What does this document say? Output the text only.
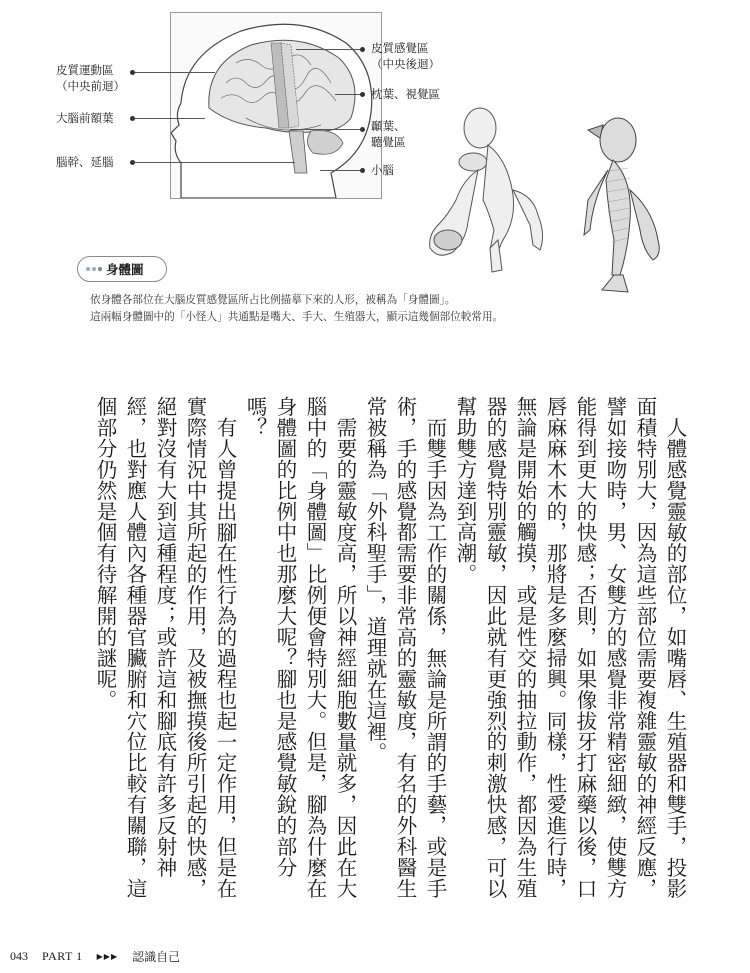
皮質運動區
（中央前迴）
大腦前額葉
腦幹、延腦
皮質感覺區
（中央後迴）
枕葉、視覺區
顳葉、
聽覺區
小腦
身體圖
依身體各部位在大腦皮質感覺區所占比例描摹下來的人形，被稱為「身體圖」。
這兩幅身體圖中的「小怪人」共通點是嘴大、手大、生殖器大，顯示這幾個部位較常用。

人體感覺靈敏的部位，如嘴唇、生殖器和雙手，投影面積特別大，因為這些部位需要複雜靈敏的神經反應，譬如接吻時，男、女雙方的感覺非常精密細緻，使雙方能得到更大的快感；否則，如果像拔牙打麻藥以後，口唇麻麻木木的，那將是多麼掃興。同樣，性愛進行時，無論是開始的觸摸，或是性交的抽拉動作，都因為生殖器的感覺特別靈敏，因此就有更強烈的刺激快感，可以幫助雙方達到高潮。

而雙手因為工作的關係，無論是所謂的手藝，或是手術，手的感覺都需要非常高的靈敏度，有名的外科醫生常被稱為「外科聖手」，道理就在這裡。

需要的靈敏度高，所以神經細胞數量就多，因此在大腦中的「身體圖」比例便會特別大。但是，腳為什麼在身體圖的比例中也那麼大呢？腳也是感覺敏銳的部分嗎？

有人曾提出腳在性行為的過程也起一定作用，但是在實際情況中其所起的作用，及被撫摸後所引起的快感，絕對沒有大到這種程度；或許這和腳底有許多反射神經，也對應人體內各種器官臟腑和穴位比較有關聯，這個部分仍然是個有待解開的謎呢。

043 PART 1 ▶▶▶ 認識自己
